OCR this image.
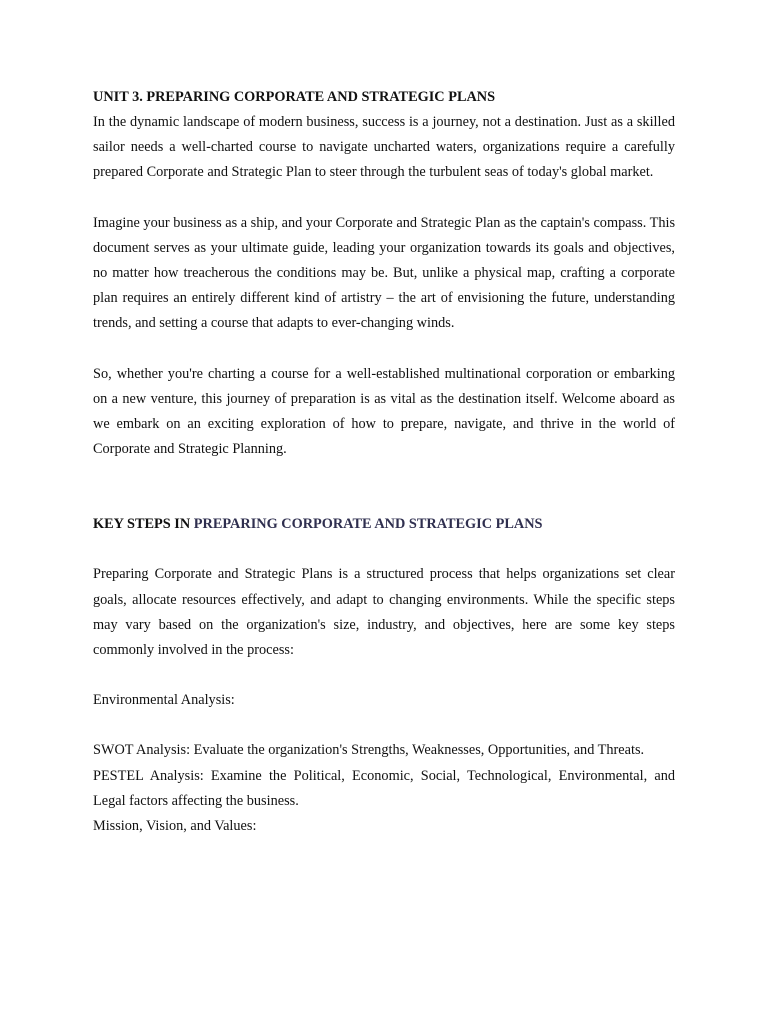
UNIT 3. PREPARING CORPORATE AND STRATEGIC PLANS

In the dynamic landscape of modern business, success is a journey, not a destination. Just as a skilled sailor needs a well-charted course to navigate uncharted waters, organizations require a carefully prepared Corporate and Strategic Plan to steer through the turbulent seas of today's global market.

Imagine your business as a ship, and your Corporate and Strategic Plan as the captain's compass. This document serves as your ultimate guide, leading your organization towards its goals and objectives, no matter how treacherous the conditions may be. But, unlike a physical map, crafting a corporate plan requires an entirely different kind of artistry – the art of envisioning the future, understanding trends, and setting a course that adapts to ever-changing winds.

So, whether you're charting a course for a well-established multinational corporation or embarking on a new venture, this journey of preparation is as vital as the destination itself. Welcome aboard as we embark on an exciting exploration of how to prepare, navigate, and thrive in the world of Corporate and Strategic Planning.

KEY STEPS IN PREPARING CORPORATE AND STRATEGIC PLANS

Preparing Corporate and Strategic Plans is a structured process that helps organizations set clear goals, allocate resources effectively, and adapt to changing environments. While the specific steps may vary based on the organization's size, industry, and objectives, here are some key steps commonly involved in the process:

Environmental Analysis:

SWOT Analysis: Evaluate the organization's Strengths, Weaknesses, Opportunities, and Threats.

PESTEL Analysis: Examine the Political, Economic, Social, Technological, Environmental, and Legal factors affecting the business.

Mission, Vision, and Values:
